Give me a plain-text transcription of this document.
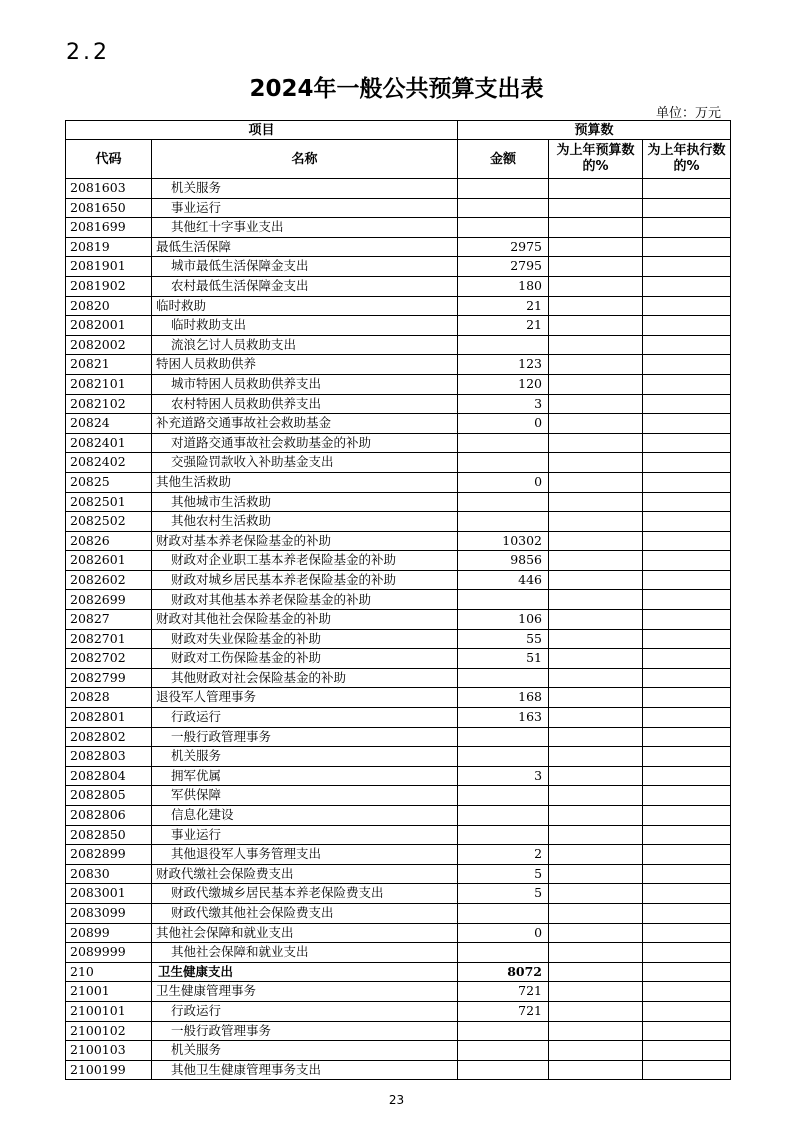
2.2
2024年一般公共预算支出表
单位：万元
项目		预算数		
代码	名称	金额	为上年预算数的%	为上年执行数的%
2081603	机关服务			
2081650	事业运行			
2081699	其他红十字事业支出			
20819	最低生活保障	2975		
2081901	城市最低生活保障金支出	2795		
2081902	农村最低生活保障金支出	180		
20820	临时救助	21		
2082001	临时救助支出	21		
2082002	流浪乞讨人员救助支出			
20821	特困人员救助供养	123		
2082101	城市特困人员救助供养支出	120		
2082102	农村特困人员救助供养支出	3		
20824	补充道路交通事故社会救助基金	0		
2082401	对道路交通事故社会救助基金的补助			
2082402	交强险罚款收入补助基金支出			
20825	其他生活救助	0		
2082501	其他城市生活救助			
2082502	其他农村生活救助			
20826	财政对基本养老保险基金的补助	10302		
2082601	财政对企业职工基本养老保险基金的补助	9856		
2082602	财政对城乡居民基本养老保险基金的补助	446		
2082699	财政对其他基本养老保险基金的补助			
20827	财政对其他社会保险基金的补助	106		
2082701	财政对失业保险基金的补助	55		
2082702	财政对工伤保险基金的补助	51		
2082799	其他财政对社会保险基金的补助			
20828	退役军人管理事务	168		
2082801	行政运行	163		
2082802	一般行政管理事务			
2082803	机关服务			
2082804	拥军优属	3		
2082805	军供保障			
2082806	信息化建设			
2082850	事业运行			
2082899	其他退役军人事务管理支出	2		
20830	财政代缴社会保险费支出	5		
2083001	财政代缴城乡居民基本养老保险费支出	5		
2083099	财政代缴其他社会保险费支出			
20899	其他社会保障和就业支出	0		
2089999	其他社会保障和就业支出			
210	卫生健康支出	8072		
21001	卫生健康管理事务	721		
2100101	行政运行	721		
2100102	一般行政管理事务			
2100103	机关服务			
2100199	其他卫生健康管理事务支出			
23
